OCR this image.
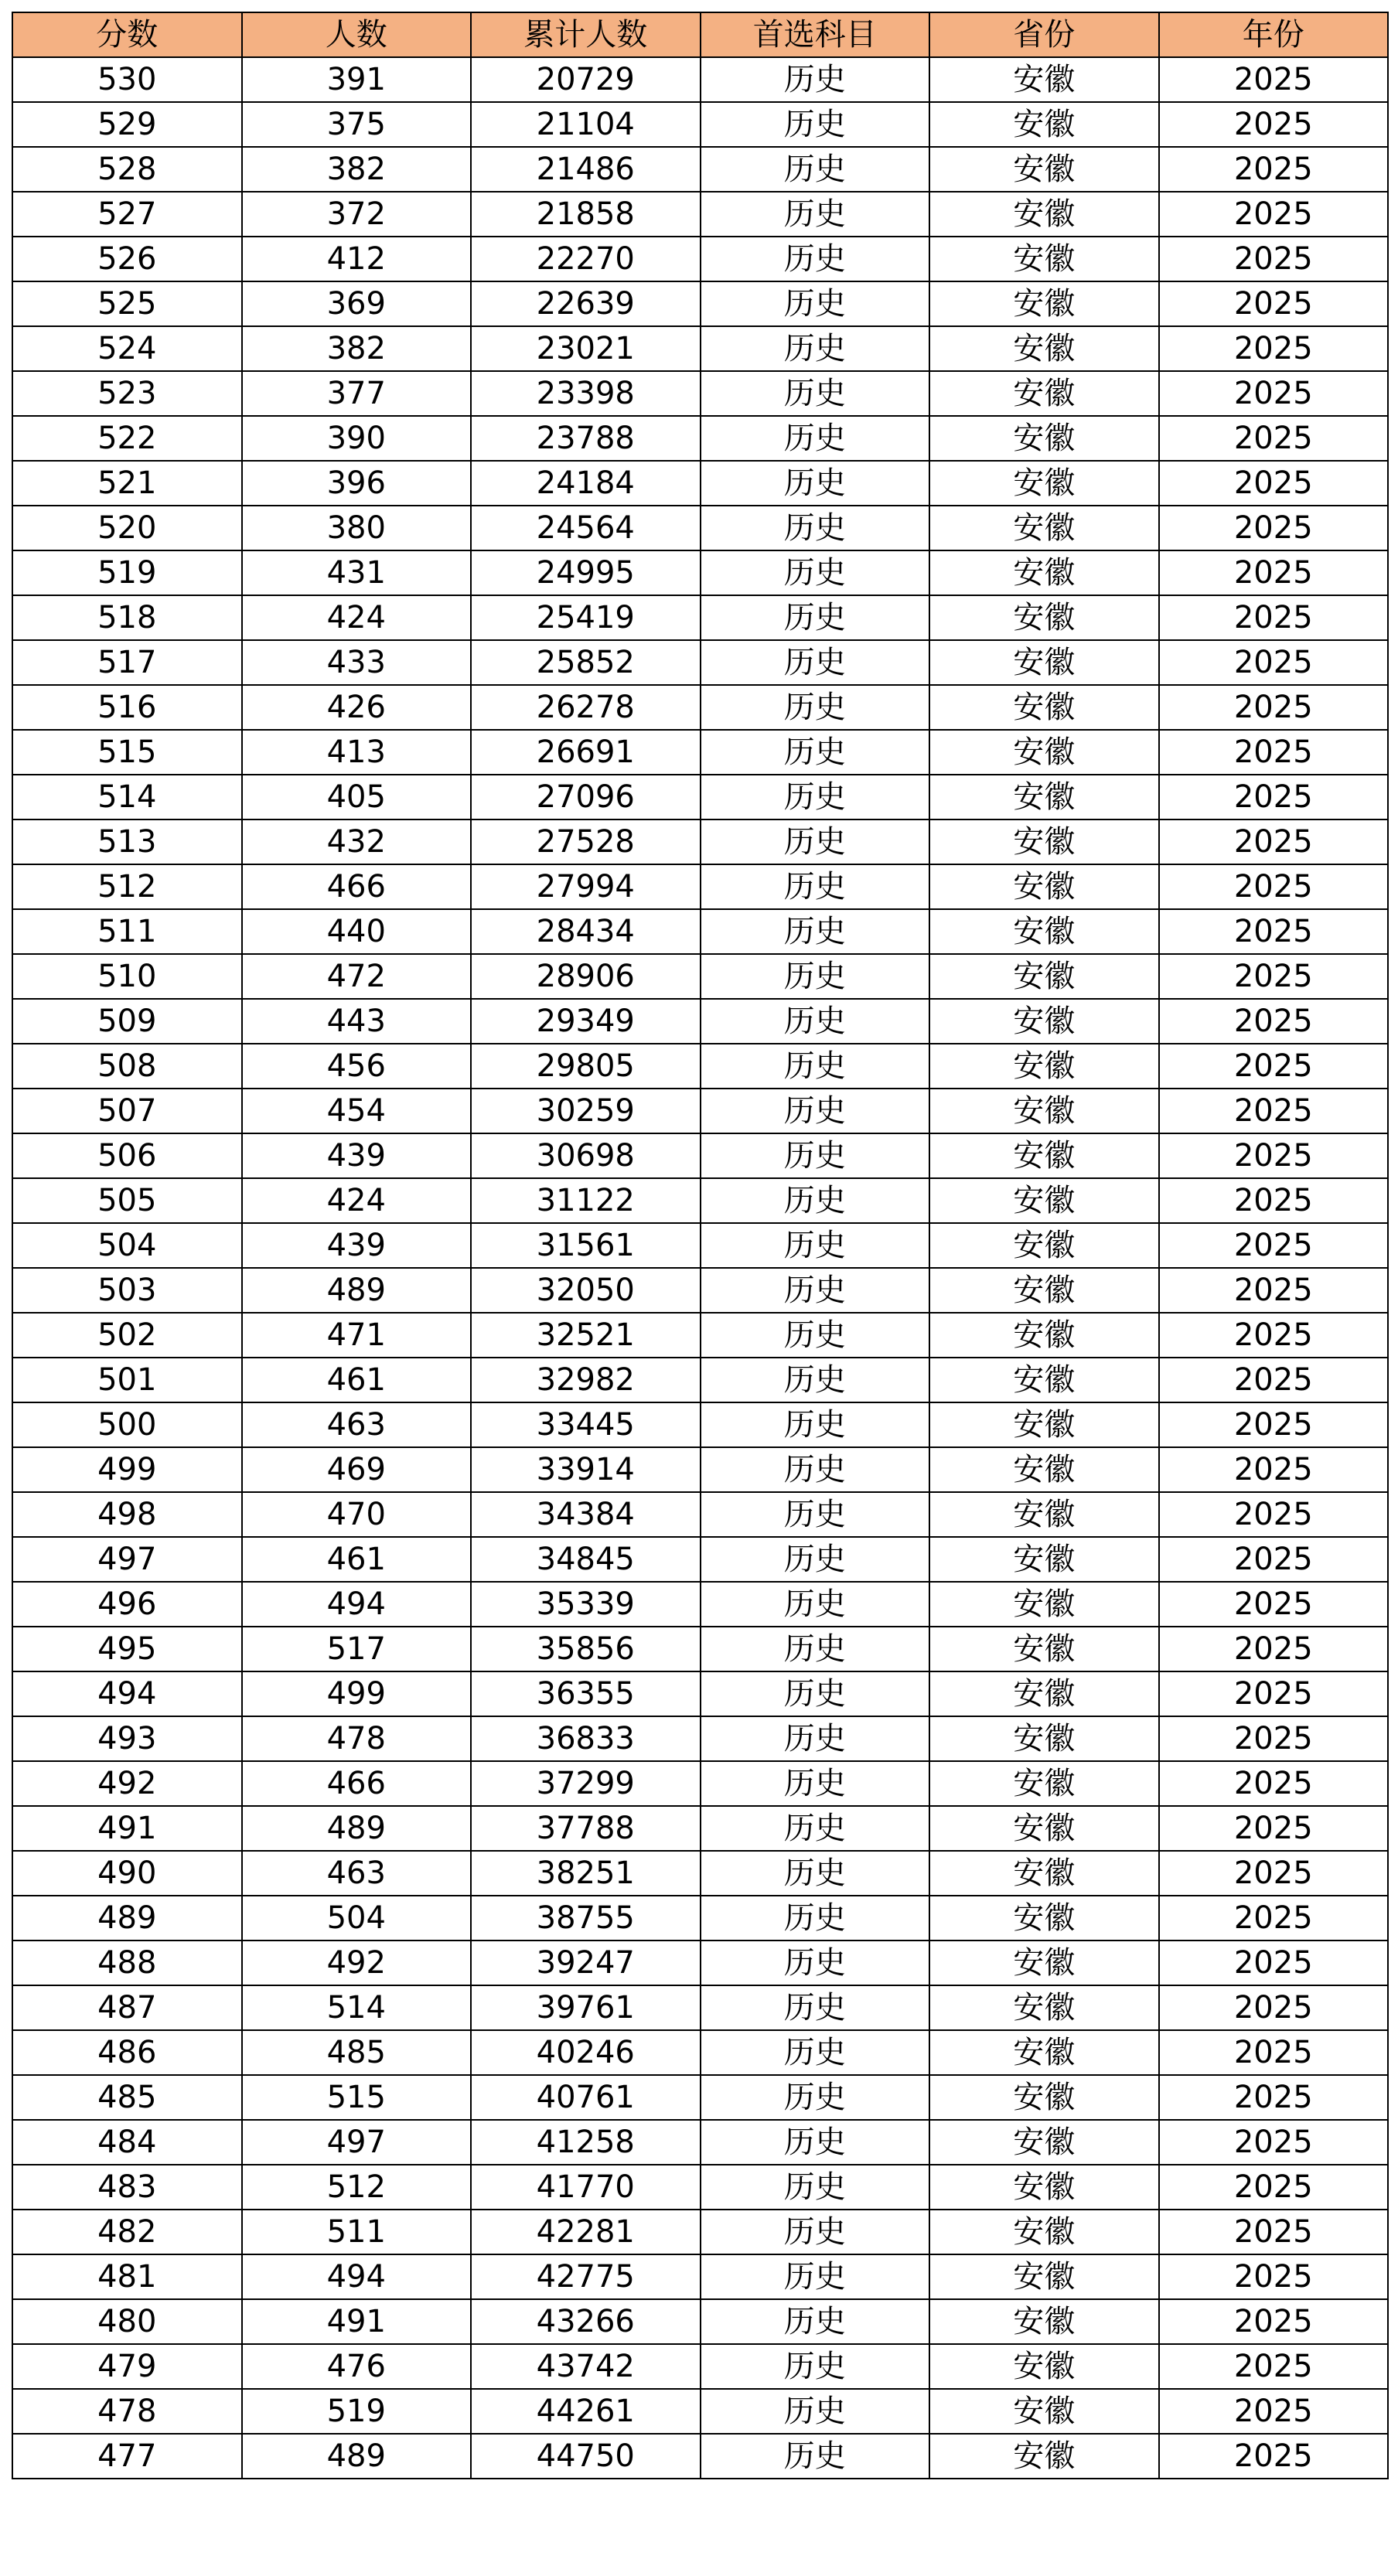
分数	人数	累计人数	首选科目	省份	年份
530	391	20729	历史	安徽	2025
529	375	21104	历史	安徽	2025
528	382	21486	历史	安徽	2025
527	372	21858	历史	安徽	2025
526	412	22270	历史	安徽	2025
525	369	22639	历史	安徽	2025
524	382	23021	历史	安徽	2025
523	377	23398	历史	安徽	2025
522	390	23788	历史	安徽	2025
521	396	24184	历史	安徽	2025
520	380	24564	历史	安徽	2025
519	431	24995	历史	安徽	2025
518	424	25419	历史	安徽	2025
517	433	25852	历史	安徽	2025
516	426	26278	历史	安徽	2025
515	413	26691	历史	安徽	2025
514	405	27096	历史	安徽	2025
513	432	27528	历史	安徽	2025
512	466	27994	历史	安徽	2025
511	440	28434	历史	安徽	2025
510	472	28906	历史	安徽	2025
509	443	29349	历史	安徽	2025
508	456	29805	历史	安徽	2025
507	454	30259	历史	安徽	2025
506	439	30698	历史	安徽	2025
505	424	31122	历史	安徽	2025
504	439	31561	历史	安徽	2025
503	489	32050	历史	安徽	2025
502	471	32521	历史	安徽	2025
501	461	32982	历史	安徽	2025
500	463	33445	历史	安徽	2025
499	469	33914	历史	安徽	2025
498	470	34384	历史	安徽	2025
497	461	34845	历史	安徽	2025
496	494	35339	历史	安徽	2025
495	517	35856	历史	安徽	2025
494	499	36355	历史	安徽	2025
493	478	36833	历史	安徽	2025
492	466	37299	历史	安徽	2025
491	489	37788	历史	安徽	2025
490	463	38251	历史	安徽	2025
489	504	38755	历史	安徽	2025
488	492	39247	历史	安徽	2025
487	514	39761	历史	安徽	2025
486	485	40246	历史	安徽	2025
485	515	40761	历史	安徽	2025
484	497	41258	历史	安徽	2025
483	512	41770	历史	安徽	2025
482	511	42281	历史	安徽	2025
481	494	42775	历史	安徽	2025
480	491	43266	历史	安徽	2025
479	476	43742	历史	安徽	2025
478	519	44261	历史	安徽	2025
477	489	44750	历史	安徽	2025
